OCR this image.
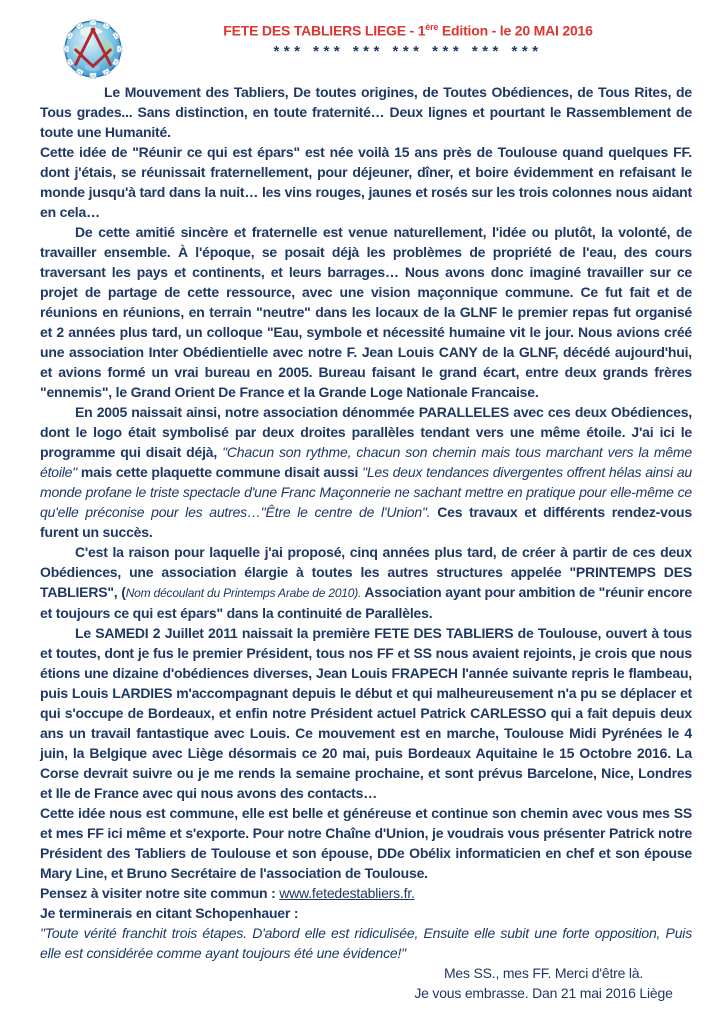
FETE DES TABLIERS LIEGE - 1ère Edition - le 20 MAI 2016
*** *** *** *** *** *** ***

Le Mouvement des Tabliers, De toutes origines, de Toutes Obédiences, de Tous Rites, de Tous grades... Sans distinction, en toute fraternité… Deux lignes et pourtant le Rassemblement de toute une Humanité.

Cette idée de "Réunir ce qui est épars" est née voilà 15 ans près de Toulouse quand quelques FF. dont j'étais, se réunissait fraternellement, pour déjeuner, dîner, et boire évidemment en refaisant le monde jusqu'à tard dans la nuit… les vins rouges, jaunes et rosés sur les trois colonnes nous aidant en cela…

De cette amitié sincère et fraternelle est venue naturellement, l'idée ou plutôt, la volonté, de travailler ensemble. À l'époque, se posait déjà les problèmes de propriété de l'eau, des cours traversant les pays et continents, et leurs barrages… Nous avons donc imaginé travailler sur ce projet de partage de cette ressource, avec une vision maçonnique commune. Ce fut fait et de réunions en réunions, en terrain "neutre" dans les locaux de la GLNF le premier repas fut organisé et 2 années plus tard, un colloque "Eau, symbole et nécessité humaine vit le jour. Nous avions créé une association Inter Obédientielle avec notre F. Jean Louis CANY de la GLNF, décédé aujourd'hui, et avions formé un vrai bureau en 2005. Bureau faisant le grand écart, entre deux grands frères "ennemis", le Grand Orient De France et la Grande Loge Nationale Francaise.

En 2005 naissait ainsi, notre association dénommée PARALLELES avec ces deux Obédiences, dont le logo était symbolisé par deux droites parallèles tendant vers une même étoile. J'ai ici le programme qui disait déjà, "Chacun son rythme, chacun son chemin mais tous marchant vers la même étoile" mais cette plaquette commune disait aussi "Les deux tendances divergentes offrent hélas ainsi au monde profane le triste spectacle d'une Franc Maçonnerie ne sachant mettre en pratique pour elle-même ce qu'elle préconise pour les autres…"Être le centre de l'Union". Ces travaux et différents rendez-vous furent un succès.

C'est la raison pour laquelle j'ai proposé, cinq années plus tard, de créer à partir de ces deux Obédiences, une association élargie à toutes les autres structures appelée "PRINTEMPS DES TABLIERS", (Nom découlant du Printemps Arabe de 2010). Association ayant pour ambition de "réunir encore et toujours ce qui est épars" dans la continuité de Parallèles.

Le SAMEDI 2 Juillet 2011 naissait la première FETE DES TABLIERS de Toulouse, ouvert à tous et toutes, dont je fus le premier Président, tous nos FF et SS nous avaient rejoints, je crois que nous étions une dizaine d'obédiences diverses, Jean Louis FRAPECH l'année suivante repris le flambeau, puis Louis LARDIES m'accompagnant depuis le début et qui malheureusement n'a pu se déplacer et qui s'occupe de Bordeaux, et enfin notre Président actuel Patrick CARLESSO qui a fait depuis deux ans un travail fantastique avec Louis. Ce mouvement est en marche, Toulouse Midi Pyrénées le 4 juin, la Belgique avec Liège désormais ce 20 mai, puis Bordeaux Aquitaine le 15 Octobre 2016. La Corse devrait suivre ou je me rends la semaine prochaine, et sont prévus Barcelone, Nice, Londres et Ile de France avec qui nous avons des contacts…

Cette idée nous est commune, elle est belle et généreuse et continue son chemin avec vous mes SS et mes FF ici même et s'exporte. Pour notre Chaîne d'Union, je voudrais vous présenter Patrick notre Président des Tabliers de Toulouse et son épouse, DDe Obélix informaticien en chef et son épouse Mary Line, et Bruno Secrétaire de l'association de Toulouse.

Pensez à visiter notre site commun : www.fetedestabliers.fr.

Je terminerais en citant Schopenhauer :

"Toute vérité franchit trois étapes. D'abord elle est ridiculisée, Ensuite elle subit une forte opposition, Puis elle est considérée comme ayant toujours été une évidence!"

Mes SS., mes FF. Merci d'être là.
Je vous embrasse. Dan 21 mai 2016 Liège
